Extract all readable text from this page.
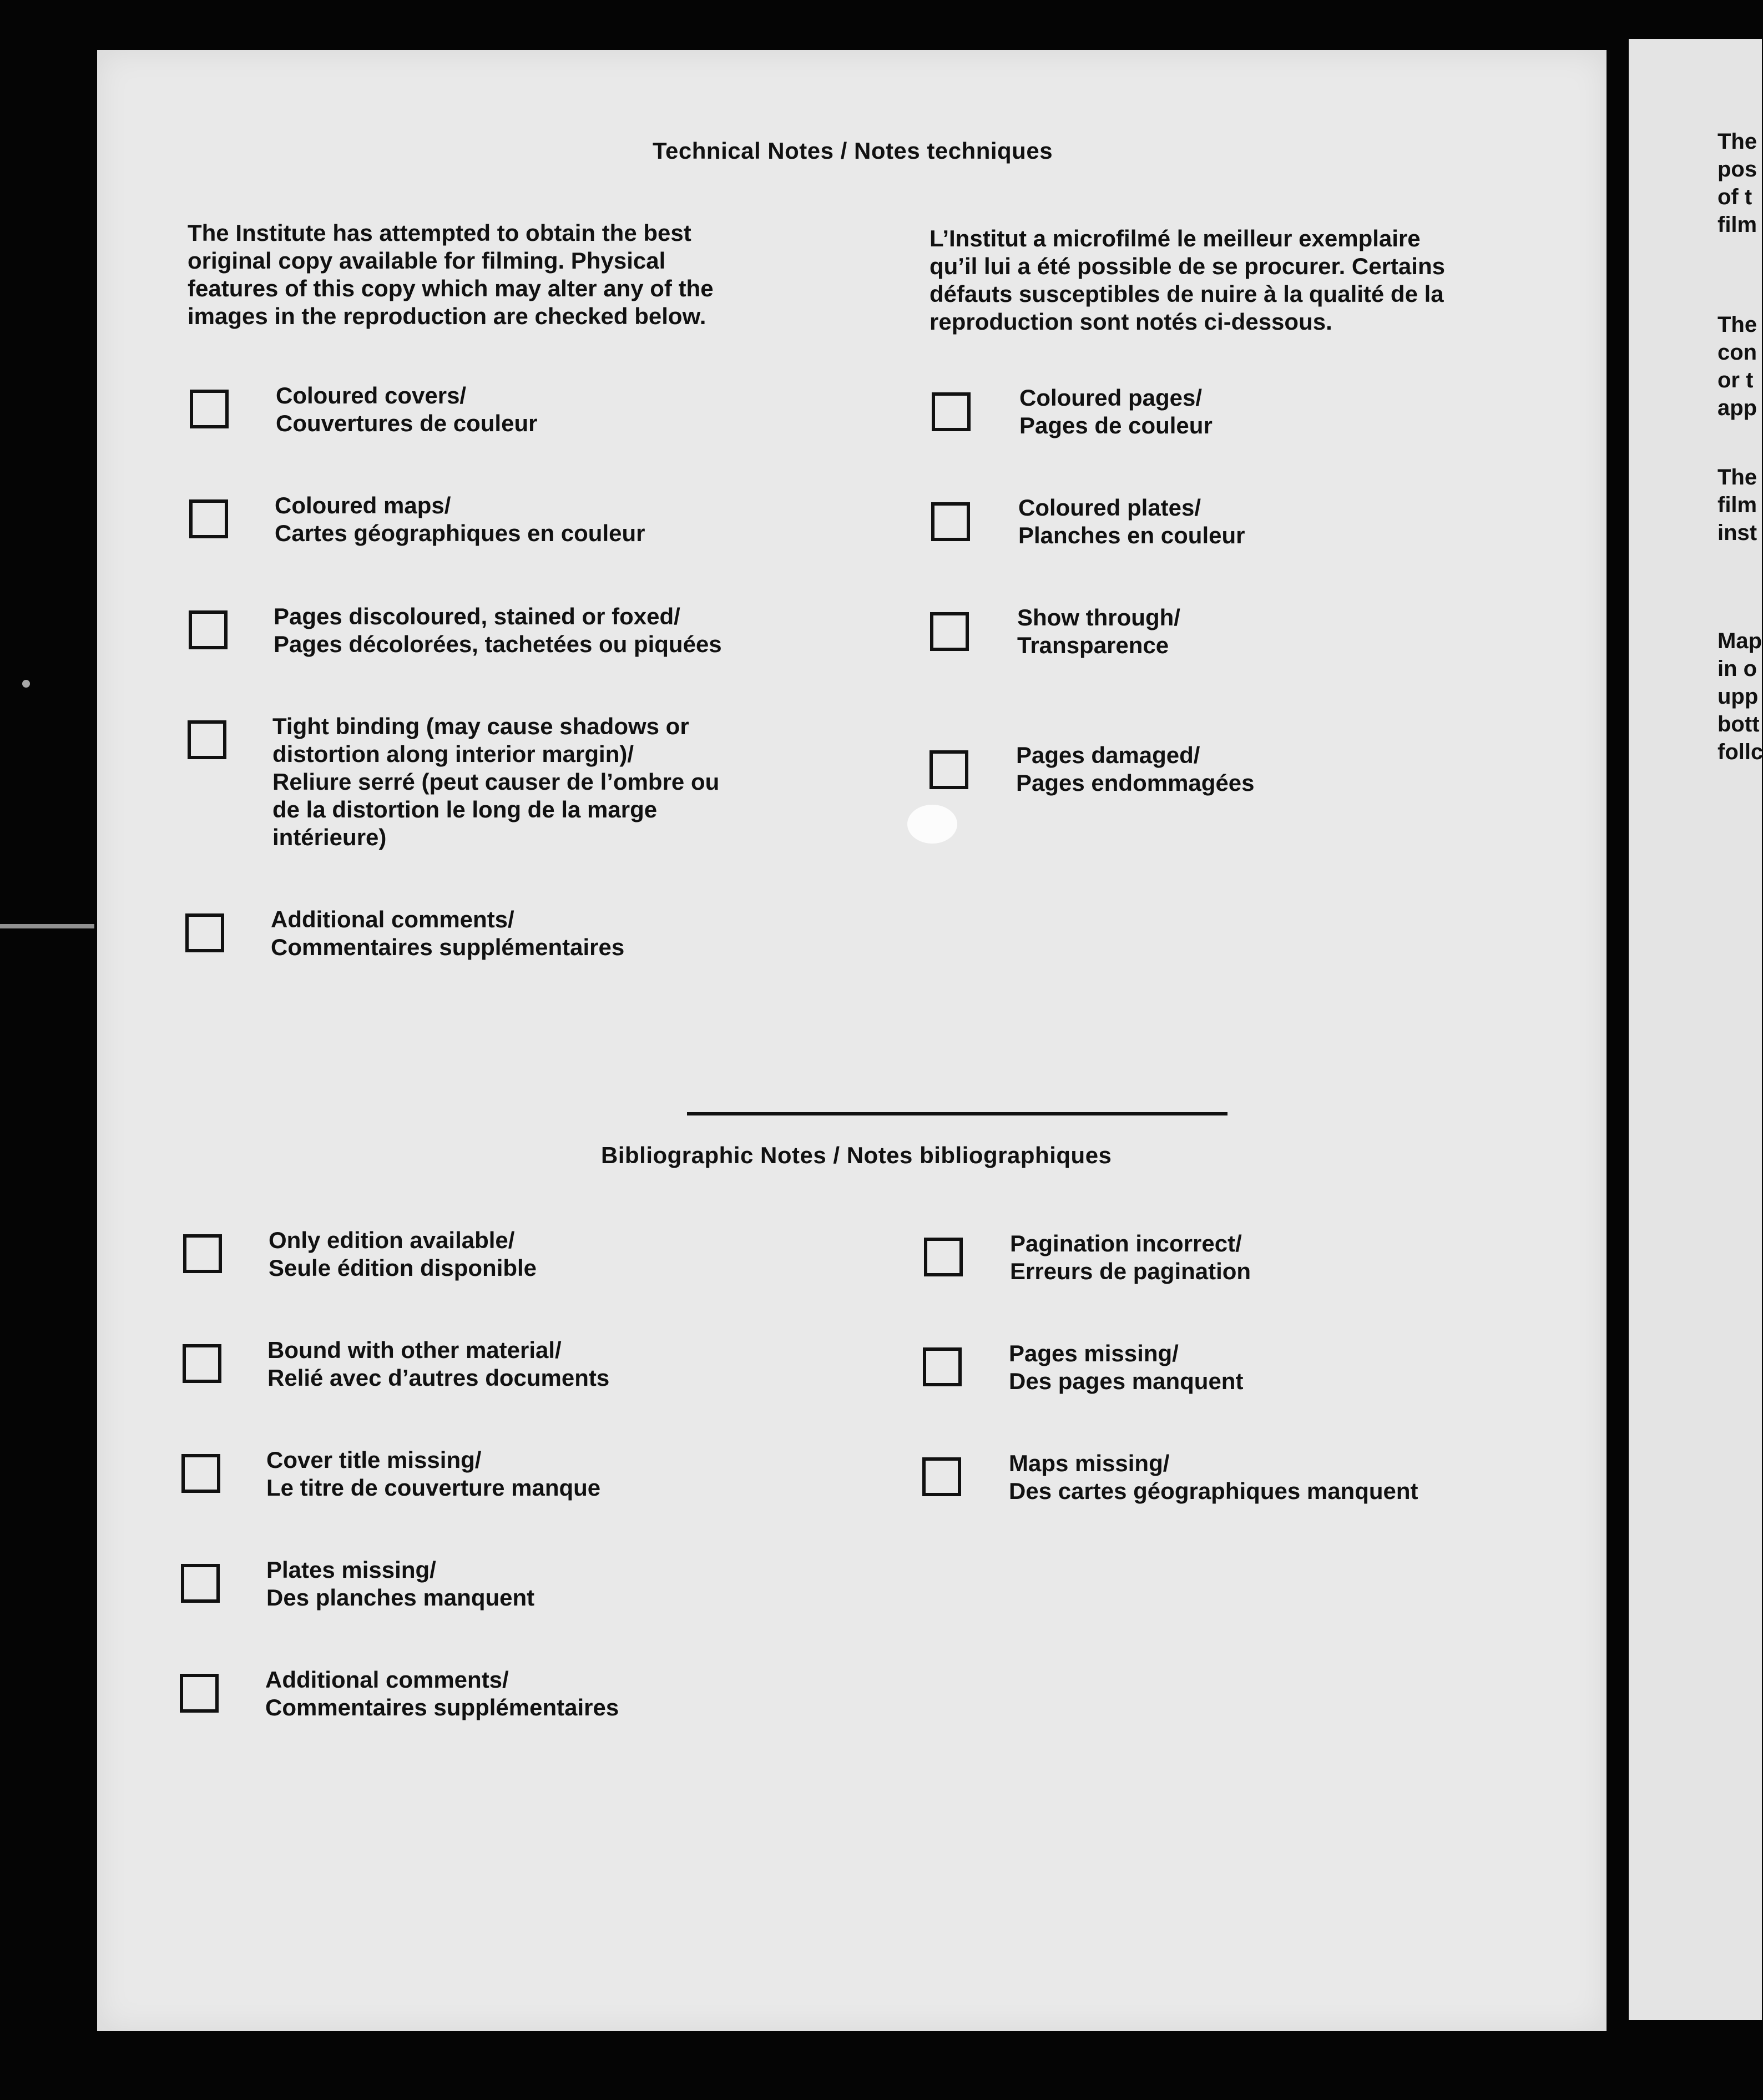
Technical Notes / Notes techniques
The Institute has attempted to obtain the best
original copy available for filming. Physical
features of this copy which may alter any of the
images in the reproduction are checked below.
L’Institut a microfilmé le meilleur exemplaire
qu’il lui a été possible de se procurer. Certains
défauts susceptibles de nuire à la qualité de la
reproduction sont notés ci-dessous.
Coloured covers/
Couvertures de couleur
Coloured maps/
Cartes géographiques en couleur
Pages discoloured, stained or foxed/
Pages décolorées, tachetées ou piquées
Tight binding (may cause shadows or
distortion along interior margin)/
Reliure serré (peut causer de l’ombre ou
de la distortion le long de la marge
intérieure)
Additional comments/
Commentaires supplémentaires
Coloured pages/
Pages de couleur
Coloured plates/
Planches en couleur
Show through/
Transparence
Pages damaged/
Pages endommagées
Bibliographic Notes / Notes bibliographiques
Only edition available/
Seule édition disponible
Bound with other material/
Relié avec d’autres documents
Cover title missing/
Le titre de couverture manque
Plates missing/
Des planches manquent
Additional comments/
Commentaires supplémentaires
Pagination incorrect/
Erreurs de pagination
Pages missing/
Des pages manquent
Maps missing/
Des cartes géographiques manquent
The
pos
of t
film
The
con
or t
app
The
film
inst
Map
in o
upp
bott
follc
